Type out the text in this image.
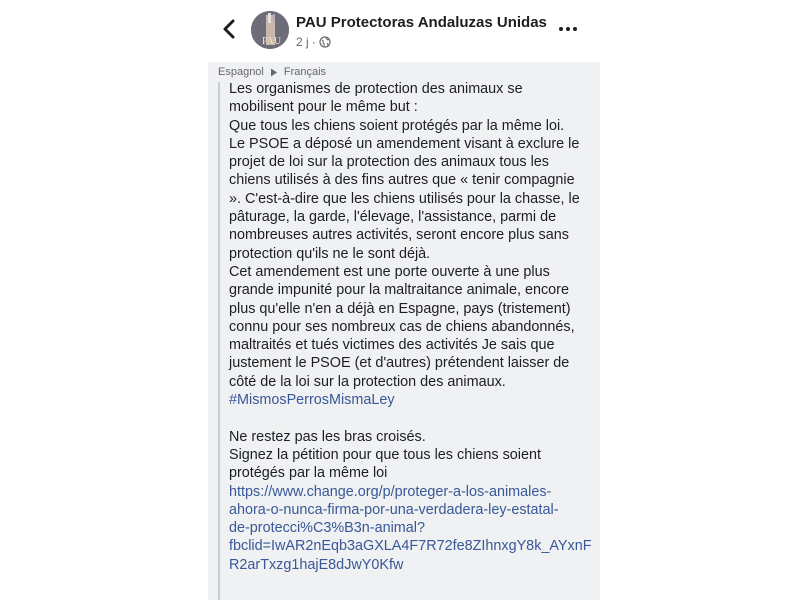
PAU
PAU Protectoras Andaluzas Unidas
2 j ·
Espagnol Français
Les organismes de protection des animaux se
mobilisent pour le même but :
Que tous les chiens soient protégés par la même loi.
Le PSOE a déposé un amendement visant à exclure le
projet de loi sur la protection des animaux tous les
chiens utilisés à des fins autres que « tenir compagnie
». C'est-à-dire que les chiens utilisés pour la chasse, le
pâturage, la garde, l'élevage, l'assistance, parmi de
nombreuses autres activités, seront encore plus sans
protection qu'ils ne le sont déjà.
Cet amendement est une porte ouverte à une plus
grande impunité pour la maltraitance animale, encore
plus qu'elle n'en a déjà en Espagne, pays (tristement)
connu pour ses nombreux cas de chiens abandonnés,
maltraités et tués victimes des activités Je sais que
justement le PSOE (et d'autres) prétendent laisser de
côté de la loi sur la protection des animaux.
#MismosPerrosMismaLey
Ne restez pas les bras croisés.
Signez la pétition pour que tous les chiens soient
protégés par la même loi
https://www.change.org/p/proteger-a-los-animales-
ahora-o-nunca-firma-por-una-verdadera-ley-estatal-
de-protecci%C3%B3n-animal?
fbclid=IwAR2nEqb3aGXLA4F7R72fe8ZIhnxgY8k_AYxnF
R2arTxzg1hajE8dJwY0Kfw
